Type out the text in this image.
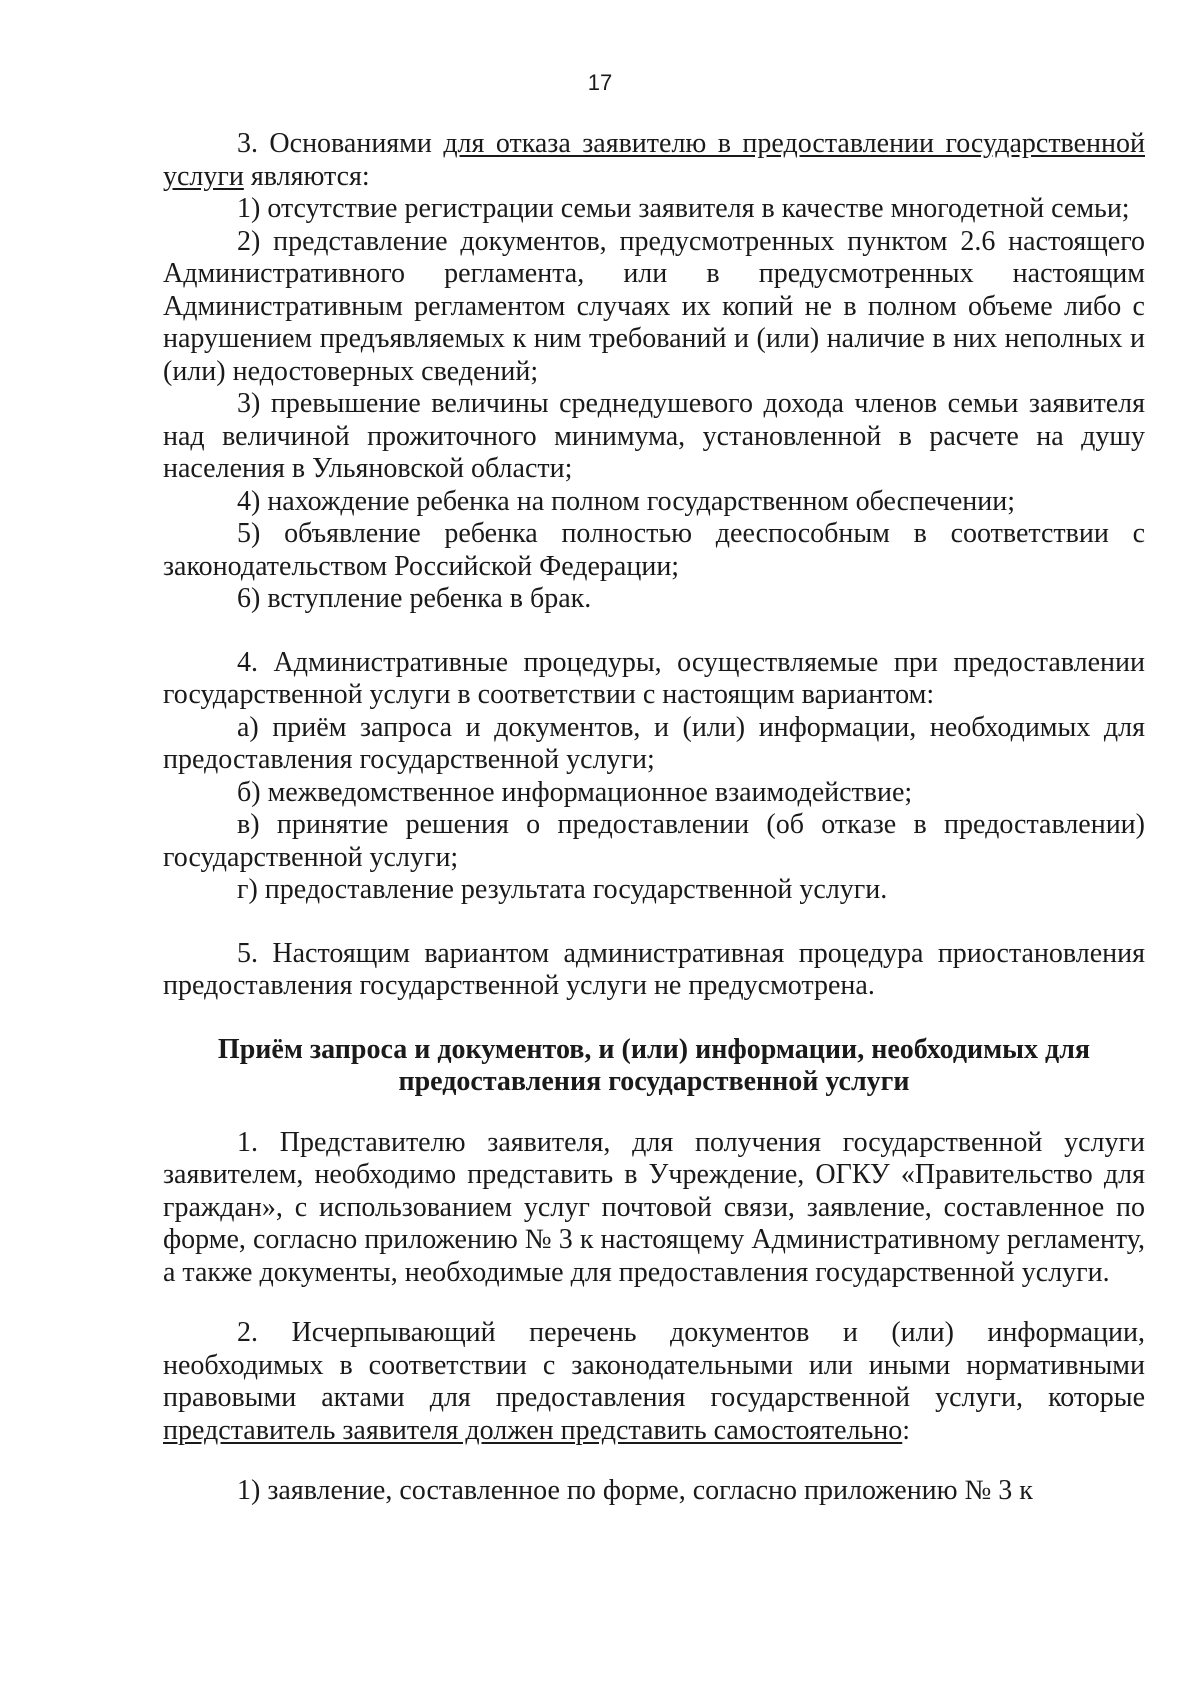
17

3. Основаниями для отказа заявителю в предоставлении государственной услуги являются:

1) отсутствие регистрации семьи заявителя в качестве многодетной семьи;

2) представление документов, предусмотренных пунктом 2.6 настоящего Административного регламента, или в предусмотренных настоящим Административным регламентом случаях их копий не в полном объеме либо с нарушением предъявляемых к ним требований и (или) наличие в них неполных и (или) недостоверных сведений;

3) превышение величины среднедушевого дохода членов семьи заявителя над величиной прожиточного минимума, установленной в расчете на душу населения в Ульяновской области;

4) нахождение ребенка на полном государственном обеспечении;

5) объявление ребенка полностью дееспособным в соответствии с законодательством Российской Федерации;

6) вступление ребенка в брак.

4. Административные процедуры, осуществляемые при предоставлении государственной услуги в соответствии с настоящим вариантом:

а) приём запроса и документов, и (или) информации, необходимых для предоставления государственной услуги;

б) межведомственное информационное взаимодействие;

в) принятие решения о предоставлении (об отказе в предоставлении) государственной услуги;

г) предоставление результата государственной услуги.

5. Настоящим вариантом административная процедура приостановления предоставления государственной услуги не предусмотрена.

Приём запроса и документов, и (или) информации, необходимых для
предоставления государственной услуги

1. Представителю заявителя, для получения государственной услуги заявителем, необходимо представить в Учреждение, ОГКУ «Правительство для граждан», с использованием услуг почтовой связи, заявление, составленное по форме, согласно приложению № 3 к настоящему Административному регламенту, а также документы, необходимые для предоставления государственной услуги.

2. Исчерпывающий перечень документов и (или) информации, необходимых в соответствии с законодательными или иными нормативными правовыми актами для предоставления государственной услуги, которые представитель заявителя должен представить самостоятельно:

1) заявление, составленное по форме, согласно приложению № 3 к
